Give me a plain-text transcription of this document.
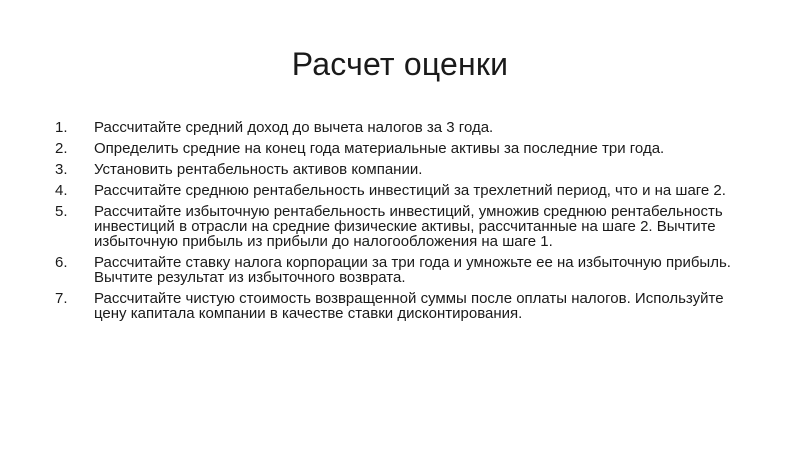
Расчет оценки
1.	Рассчитайте средний доход до вычета налогов за 3 года.
2.	Определить средние на конец года материальные активы за последние три года.
3.	Установить рентабельность активов компании.
4.	Рассчитайте среднюю рентабельность инвестиций за трехлетний период, что и на шаге 2.
5.	Рассчитайте избыточную рентабельность инвестиций, умножив среднюю рентабельность инвестиций в отрасли на средние физические активы, рассчитанные на шаге 2. Вычтите избыточную прибыль из прибыли до налогообложения на шаге 1.
6.	Рассчитайте ставку налога корпорации за три года и умножьте ее на избыточную прибыль. Вычтите результат из избыточного возврата.
7.	Рассчитайте чистую стоимость возвращенной суммы после оплаты налогов. Используйте цену капитала компании в качестве ставки дисконтирования.
